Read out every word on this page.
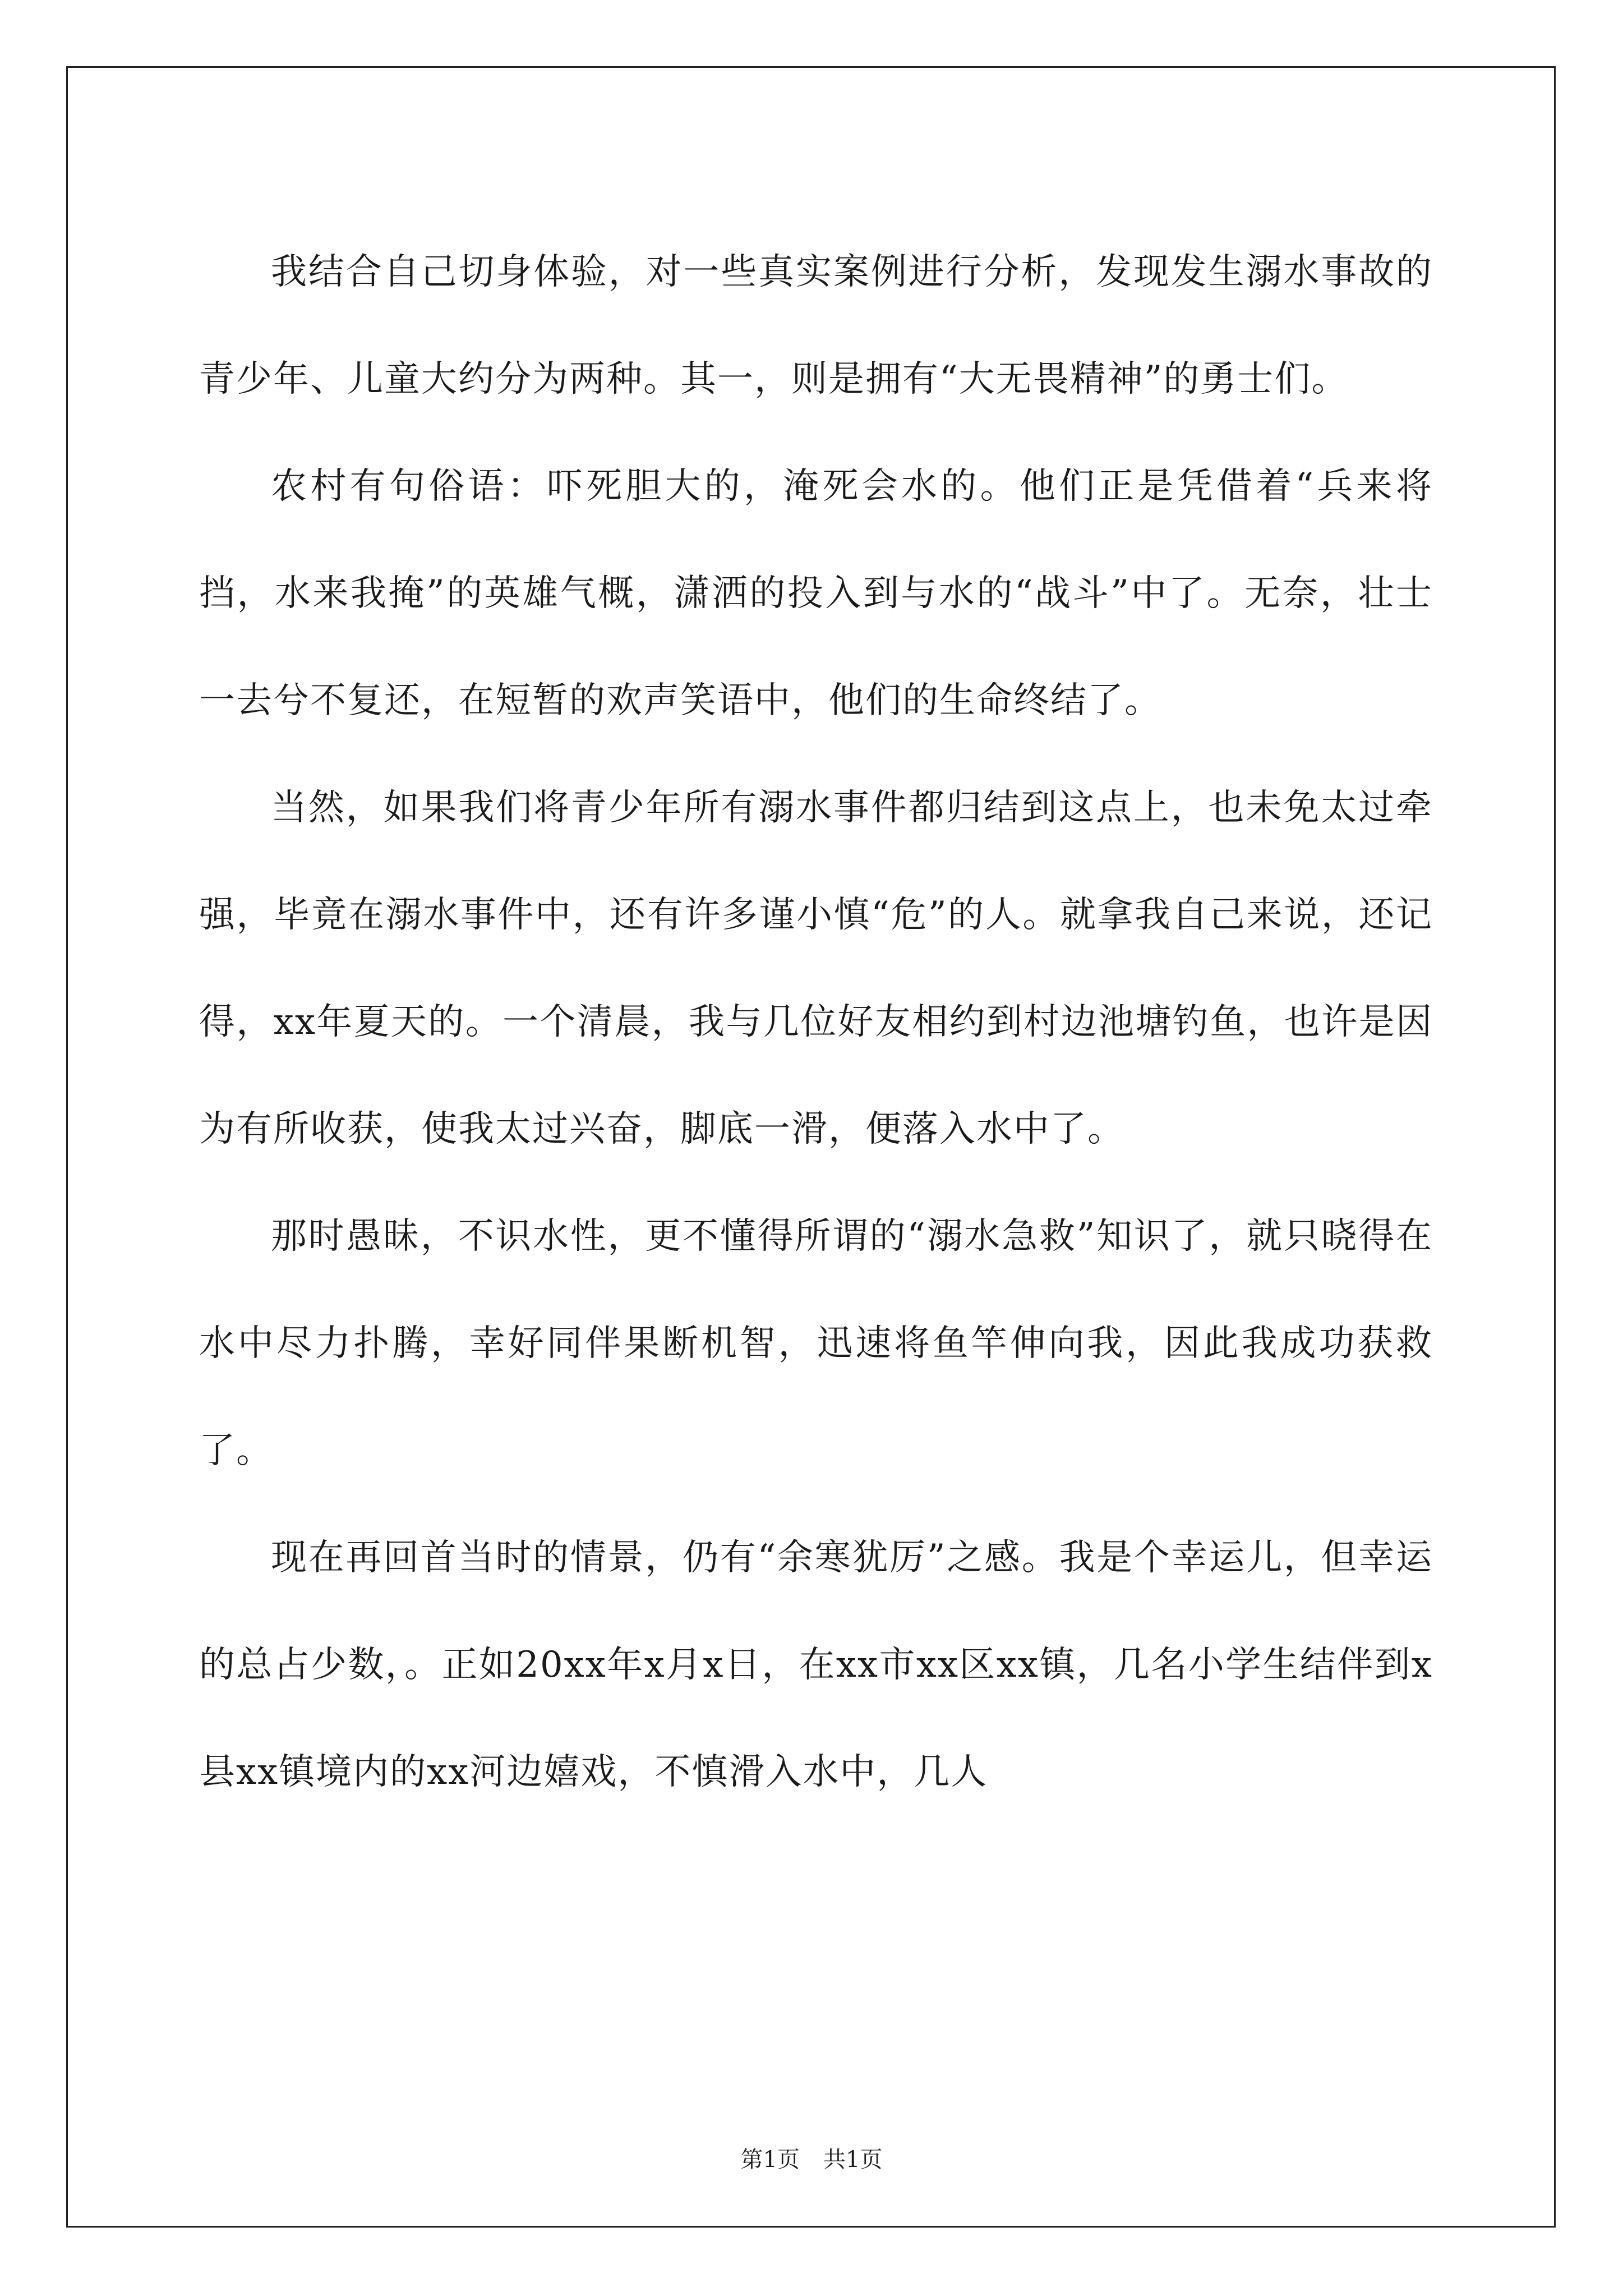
我结合自己切身体验，对一些真实案例进行分析，发现发生溺水事故的青少年、儿童大约分为两种。其一，则是拥有“大无畏精神”的勇士们。

农村有句俗语：吓死胆大的，淹死会水的。他们正是凭借着“兵来将挡，水来我掩”的英雄气概，潇洒的投入到与水的“战斗”中了。无奈，壮士一去兮不复还，在短暂的欢声笑语中，他们的生命终结了。

当然，如果我们将青少年所有溺水事件都归结到这点上，也未免太过牵强，毕竟在溺水事件中，还有许多谨小慎“危”的人。就拿我自己来说，还记得，xx年夏天的。一个清晨，我与几位好友相约到村边池塘钓鱼，也许是因为有所收获，使我太过兴奋，脚底一滑，便落入水中了。

那时愚昧，不识水性，更不懂得所谓的“溺水急救”知识了，就只晓得在水中尽力扑腾，幸好同伴果断机智，迅速将鱼竿伸向我，因此我成功获救了。

现在再回首当时的情景，仍有“余寒犹厉”之感。我是个幸运儿，但幸运的总占少数，。正如20xx年x月x日，在xx市xx区xx镇，几名小学生结伴到x县xx镇境内的xx河边嬉戏，不慎滑入水中，几人

第1页 共1页
